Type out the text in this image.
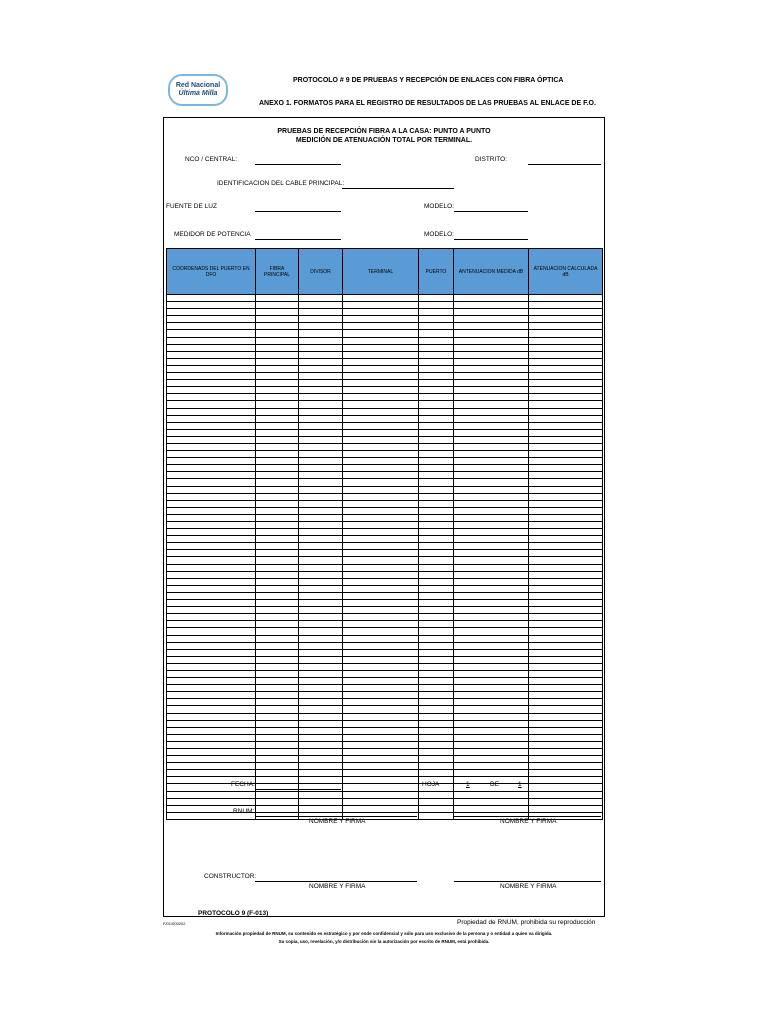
Red Nacional
Última Milla
PROTOCOLO # 9 DE PRUEBAS Y RECEPCIÓN DE ENLACES CON FIBRA ÓPTICA
ANEXO 1. FORMATOS PARA EL REGISTRO DE RESULTADOS DE LAS PRUEBAS AL ENLACE DE F.O.
PRUEBAS DE RECEPCIÓN FIBRA A LA CASA: PUNTO A PUNTO
MEDICIÓN DE ATENUACIÓN TOTAL POR TERMINAL.
NCO / CENTRAL:	DISTRITO:
IDENTIFICACION DEL CABLE PRINCIPAL:
FUENTE DE LUZ	MODELO:
MEDIDOR DE POTENCIA	MODELO:
COORDENADS DEL PUERTO EN DFO	FIBRA PRINCIPAL	DIVISOR	TERMINAL	PUERTO	ANTENUACION MEDIDA dB	ATENUACION CALCULADA dB

FECHA:	HOJA	1	DE	1
RNUM:
NOMBRE Y FIRMA	NOMBRE Y FIRMA
CONSTRUCTOR:
NOMBRE Y FIRMA	NOMBRE Y FIRMA
PROTOCOLO 9 (F-013)
F/01/000202	Propiedad de RNUM, prohibida su reproducción
Información propiedad de RNUM, su contenido es estratégico y por ende confidencial y sólo para uso exclusivo de la persona y o entidad a quien va dirigida.
Su copia, uso, revelación, y/o distribución sin la autorización por escrito de RNUM, está prohibida.
